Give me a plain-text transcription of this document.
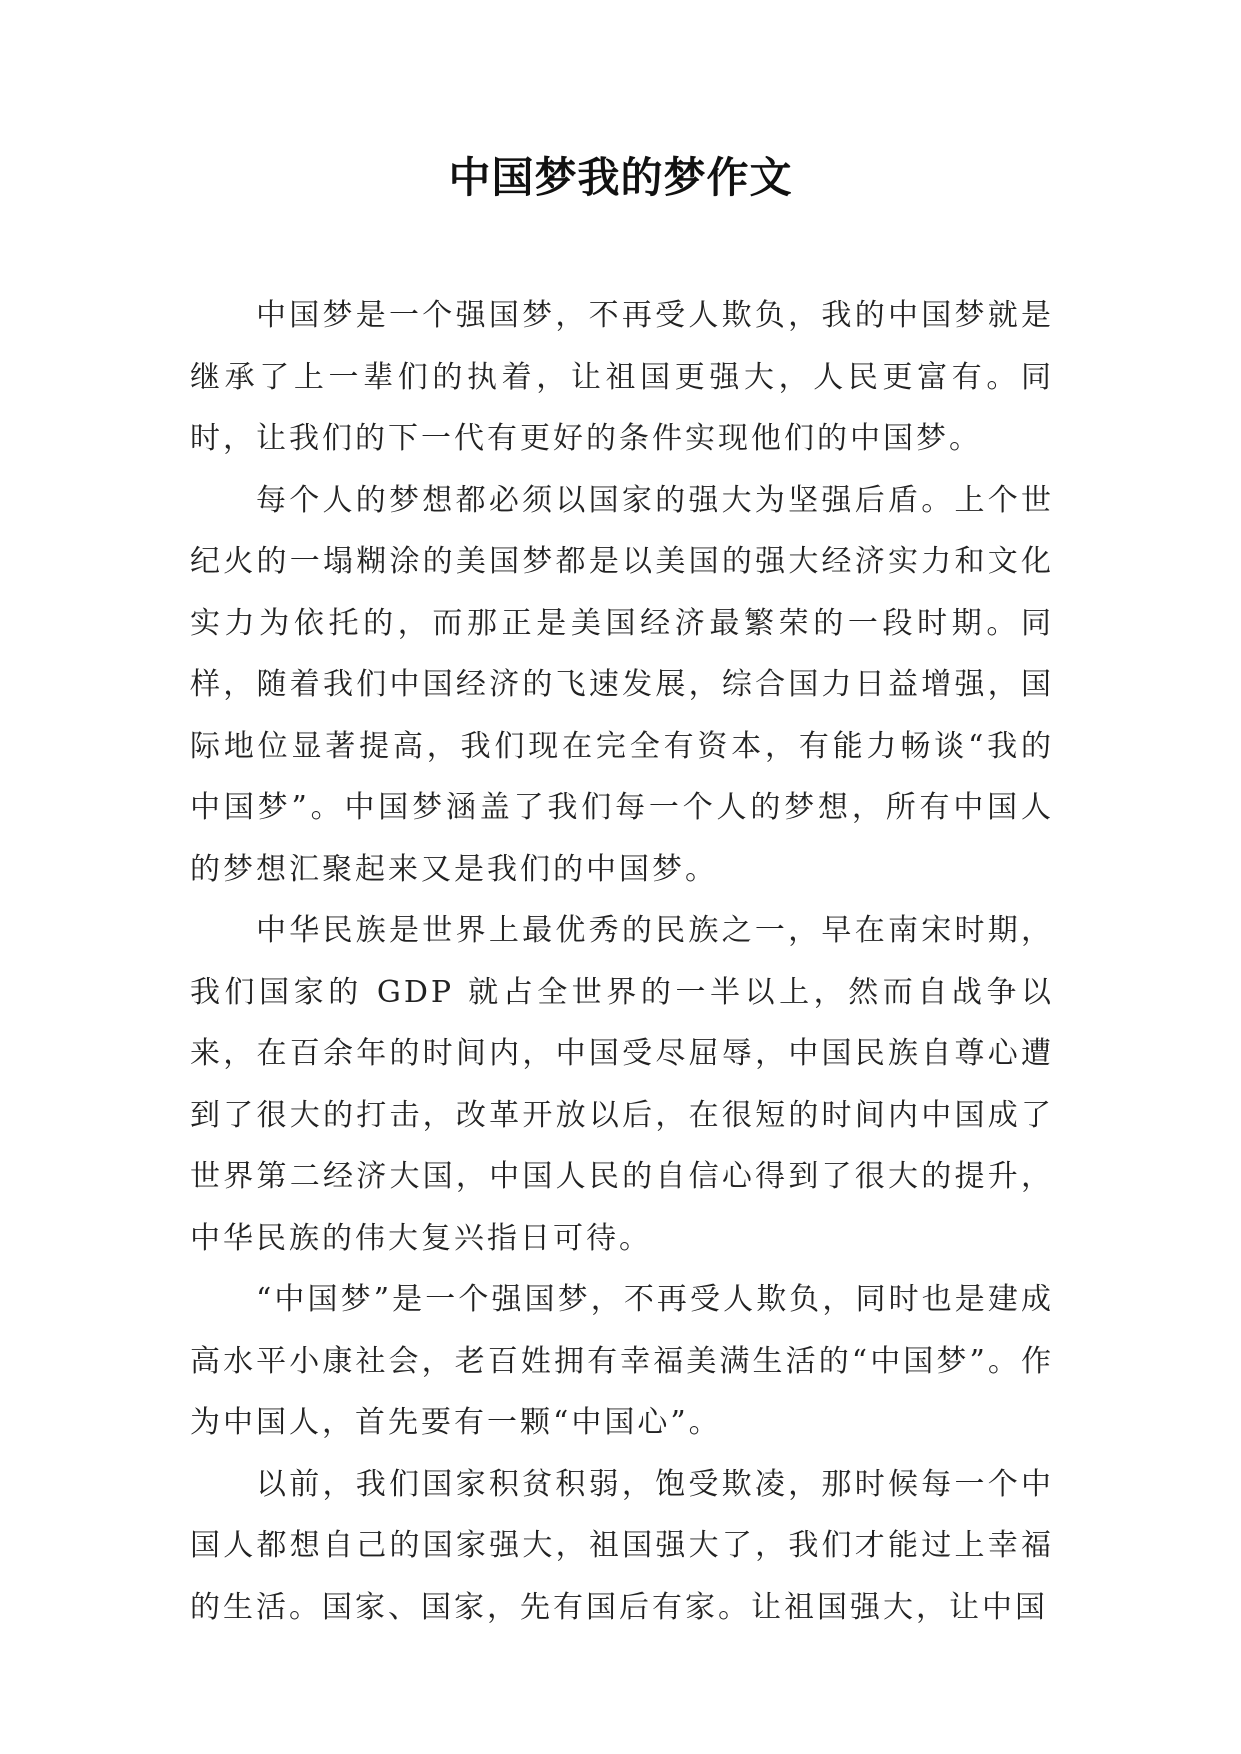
中国梦我的梦作文

中国梦是一个强国梦，不再受人欺负，我的中国梦就是继承了上一辈们的执着，让祖国更强大，人民更富有。同时，让我们的下一代有更好的条件实现他们的中国梦。

每个人的梦想都必须以国家的强大为坚强后盾。上个世纪火的一塌糊涂的美国梦都是以美国的强大经济实力和文化实力为依托的，而那正是美国经济最繁荣的一段时期。同样，随着我们中国经济的飞速发展，综合国力日益增强，国际地位显著提高，我们现在完全有资本，有能力畅谈“我的中国梦”。中国梦涵盖了我们每一个人的梦想，所有中国人的梦想汇聚起来又是我们的中国梦。

中华民族是世界上最优秀的民族之一，早在南宋时期，我们国家的 GDP 就占全世界的一半以上，然而自战争以来，在百余年的时间内，中国受尽屈辱，中国民族自尊心遭到了很大的打击，改革开放以后，在很短的时间内中国成了世界第二经济大国，中国人民的自信心得到了很大的提升，中华民族的伟大复兴指日可待。

“中国梦”是一个强国梦，不再受人欺负，同时也是建成高水平小康社会，老百姓拥有幸福美满生活的“中国梦”。作为中国人，首先要有一颗“中国心”。

以前，我们国家积贫积弱，饱受欺凌，那时候每一个中国人都想自己的国家强大，祖国强大了，我们才能过上幸福的生活。国家、国家，先有国后有家。让祖国强大，让中国
